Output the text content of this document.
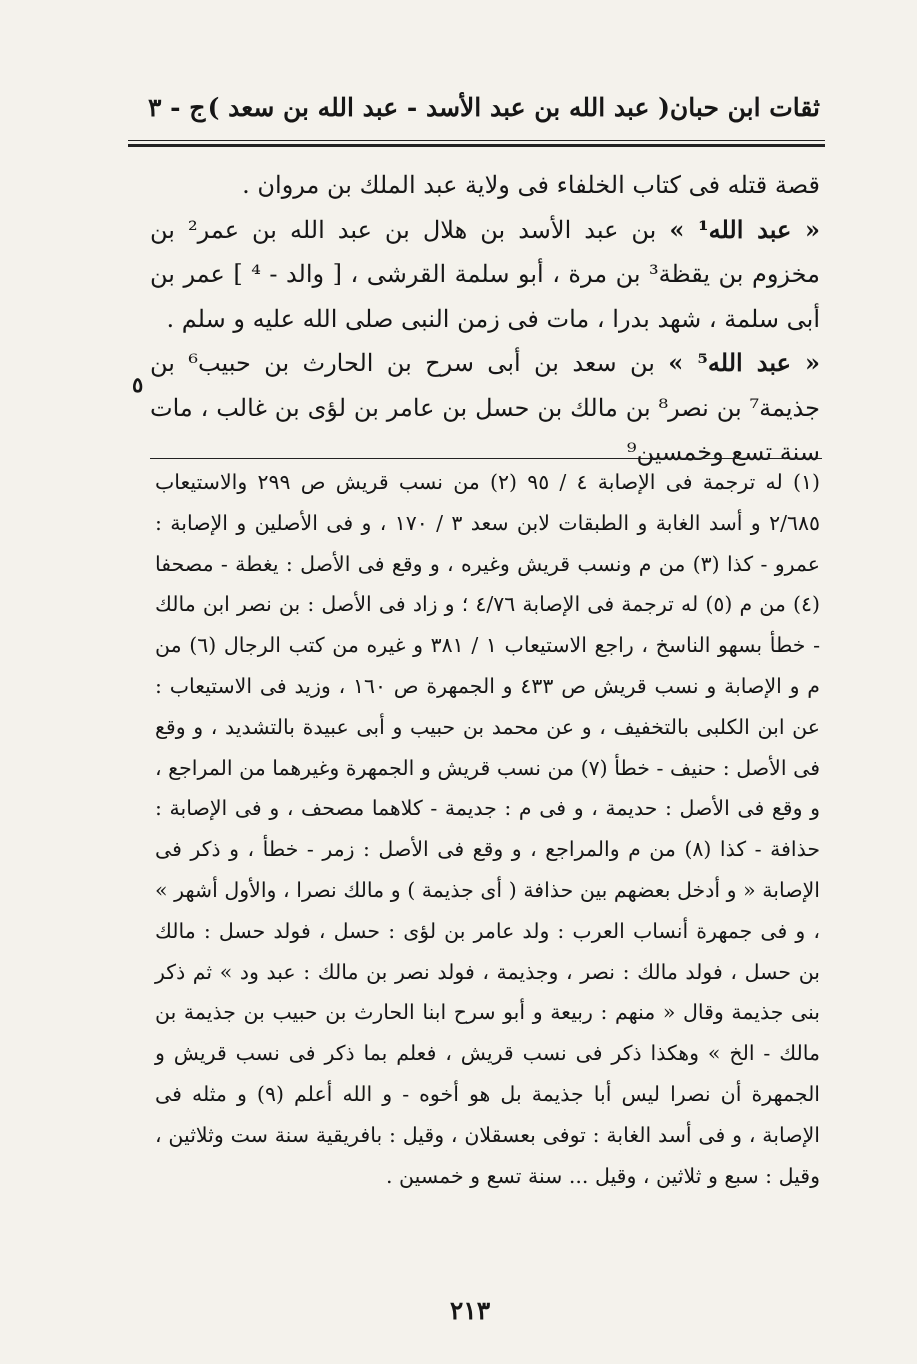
ثقات ابن حبان
( عبد الله بن عبد الأسد - عبد الله بن سعد )
ج - ٣

قصة قتله فى كتاب الخلفاء فى ولاية عبد الملك بن مروان .

« عبد الله¹ » بن عبد الأسد بن هلال بن عبد الله بن عمر² بن مخزوم بن يقظة³ بن مرة ، أبو سلمة القرشى ، [ والد - ⁴ ] عمر بن أبى سلمة ، شهد بدرا ، مات فى زمن النبى صلى الله عليه و سلم .

« عبد الله⁵ » بن سعد بن أبى سرح بن الحارث بن حبيب⁶ بن جذيمة⁷ بن نصر⁸ بن مالك بن حسل بن عامر بن لؤى بن غالب ، مات سنة تسع وخمسين⁹

٥

(١) له ترجمة فى الإصابة ٤ / ٩٥ (٢) من نسب قريش ص ٢٩٩ والاستيعاب ٢/٦٨٥ و أسد الغابة و الطبقات لابن سعد ٣ / ١٧٠ ، و فى الأصلين و الإصابة : عمرو - كذا (٣) من م ونسب قريش وغيره ، و وقع فى الأصل : يغطة - مصحفا (٤) من م (٥) له ترجمة فى الإصابة ٤/٧٦ ؛ و زاد فى الأصل : بن نصر ابن مالك - خطأ بسهو الناسخ ، راجع الاستيعاب ١ / ٣٨١ و غيره من كتب الرجال (٦) من م و الإصابة و نسب قريش ص ٤٣٣ و الجمهرة ص ١٦٠ ، وزيد فى الاستيعاب : عن ابن الكلبى بالتخفيف ، و عن محمد بن حبيب و أبى عبيدة بالتشديد ، و وقع فى الأصل : حنيف - خطأ (٧) من نسب قريش و الجمهرة وغيرهما من المراجع ، و وقع فى الأصل : حديمة ، و فى م : جديمة - كلاهما مصحف ، و فى الإصابة : حذافة - كذا (٨) من م والمراجع ، و وقع فى الأصل : زمر - خطأ ، و ذكر فى الإصابة « و أدخل بعضهم بين حذافة ( أى جذيمة ) و مالك نصرا ، والأول أشهر » ، و فى جمهرة أنساب العرب : ولد عامر بن لؤى : حسل ، فولد حسل : مالك بن حسل ، فولد مالك : نصر ، وجذيمة ، فولد نصر بن مالك : عبد ود » ثم ذكر بنى جذيمة وقال « منهم : ربيعة و أبو سرح ابنا الحارث بن حبيب بن جذيمة بن مالك - الخ » وهكذا ذكر فى نسب قريش ، فعلم بما ذكر فى نسب قريش و الجمهرة أن نصرا ليس أبا جذيمة بل هو أخوه - و الله أعلم (٩) و مثله فى الإصابة ، و فى أسد الغابة : توفى بعسقلان ، وقيل : بافريقية سنة ست وثلاثين ، وقيل : سبع و ثلاثين ، وقيل ... سنة تسع و خمسين .

٢١٣
